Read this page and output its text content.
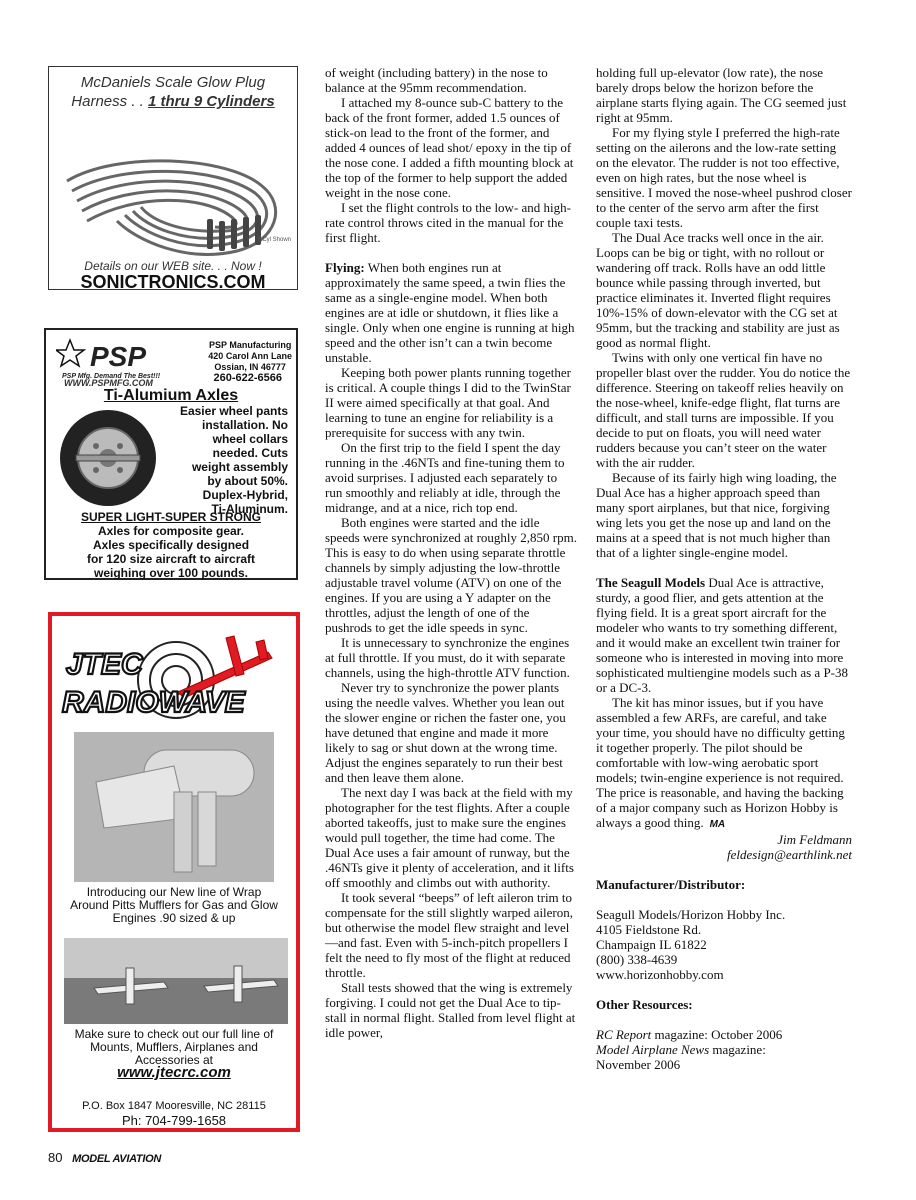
McDaniels Scale Glow Plug
Harness . . 1 thru 9 Cylinders
5 Cyl Shown
Details on our WEB site. . . Now !
SONICTRONICS.COM
PSP
PSP Mfg. Demand The Best!!!
PSP Manufacturing
420 Carol Ann Lane
Ossian, IN 46777
260-622-6566
WWW.PSPMFG.COM
Ti-Alumium Axles
Easier wheel pants
installation. No
wheel collars
needed. Cuts
weight assembly
by about 50%.
Duplex-Hybrid,
Ti-Aluminum.
SUPER LIGHT-SUPER STRONG
Axles for composite gear.
Axles specifically designed
for 120 size aircraft to aircraft
weighing over 100 pounds.
JTEC
RADIOWAVE
Introducing our New line of Wrap
Around Pitts Mufflers for Gas and Glow
Engines .90 sized & up
Make sure to check out our full line of
Mounts, Mufflers, Airplanes and
Accessories at
www.jtecrc.com
P.O. Box 1847 Mooresville, NC 28115
Ph: 704-799-1658

of weight (including battery) in the nose to balance at the 95mm recommendation.

I attached my 8-ounce sub-C battery to the back of the front former, added 1.5 ounces of stick-on lead to the front of the former, and added 4 ounces of lead shot/ epoxy in the tip of the nose cone. I added a fifth mounting block at the top of the former to help support the added weight in the nose cone.

I set the flight controls to the low- and high-rate control throws cited in the manual for the first flight.

Flying: When both engines run at approximately the same speed, a twin flies the same as a single-engine model. When both engines are at idle or shutdown, it flies like a single. Only when one engine is running at high speed and the other isn’t can a twin become unstable.

Keeping both power plants running together is critical. A couple things I did to the TwinStar II were aimed specifically at that goal. And learning to tune an engine for reliability is a prerequisite for success with any twin.

On the first trip to the field I spent the day running in the .46NTs and fine-tuning them to avoid surprises. I adjusted each separately to run smoothly and reliably at idle, through the midrange, and at a nice, rich top end.

Both engines were started and the idle speeds were synchronized at roughly 2,850 rpm. This is easy to do when using separate throttle channels by simply adjusting the low-throttle adjustable travel volume (ATV) on one of the engines. If you are using a Y adapter on the throttles, adjust the length of one of the pushrods to get the idle speeds in sync.

It is unnecessary to synchronize the engines at full throttle. If you must, do it with separate channels, using the high-throttle ATV function.

Never try to synchronize the power plants using the needle valves. Whether you lean out the slower engine or richen the faster one, you have detuned that engine and made it more likely to sag or shut down at the wrong time. Adjust the engines separately to run their best and then leave them alone.

The next day I was back at the field with my photographer for the test flights. After a couple aborted takeoffs, just to make sure the engines would pull together, the time had come. The Dual Ace uses a fair amount of runway, but the .46NTs give it plenty of acceleration, and it lifts off smoothly and climbs out with authority.

It took several “beeps” of left aileron trim to compensate for the still slightly warped aileron, but otherwise the model flew straight and level—and fast. Even with 5-inch-pitch propellers I felt the need to fly most of the flight at reduced throttle.

Stall tests showed that the wing is extremely forgiving. I could not get the Dual Ace to tip-stall in normal flight. Stalled from level flight at idle power,

holding full up-elevator (low rate), the nose barely drops below the horizon before the airplane starts flying again. The CG seemed just right at 95mm.

For my flying style I preferred the high-rate setting on the ailerons and the low-rate setting on the elevator. The rudder is not too effective, even on high rates, but the nose wheel is sensitive. I moved the nose-wheel pushrod closer to the center of the servo arm after the first couple taxi tests.

The Dual Ace tracks well once in the air. Loops can be big or tight, with no rollout or wandering off track. Rolls have an odd little bounce while passing through inverted, but practice eliminates it. Inverted flight requires 10%-15% of down-elevator with the CG set at 95mm, but the tracking and stability are just as good as normal flight.

Twins with only one vertical fin have no propeller blast over the rudder. You do notice the difference. Steering on takeoff relies heavily on the nose-wheel, knife-edge flight, flat turns are difficult, and stall turns are impossible. If you decide to put on floats, you will need water rudders because you can’t steer on the water with the air rudder.

Because of its fairly high wing loading, the Dual Ace has a higher approach speed than many sport airplanes, but that nice, forgiving wing lets you get the nose up and land on the mains at a speed that is not much higher than that of a lighter single-engine model.

The Seagull Models Dual Ace is attractive, sturdy, a good flier, and gets attention at the flying field. It is a great sport aircraft for the modeler who wants to try something different, and it would make an excellent twin trainer for someone who is interested in moving into more sophisticated multiengine models such as a P-38 or a DC-3.

The kit has minor issues, but if you have assembled a few ARFs, are careful, and take your time, you should have no difficulty getting it together properly. The pilot should be comfortable with low-wing aerobatic sport models; twin-engine experience is not required. The price is reasonable, and having the backing of a major company such as Horizon Hobby is always a good thing. MA

Jim Feldmann

feldesign@earthlink.net

Manufacturer/Distributor:

Seagull Models/Horizon Hobby Inc.

4105 Fieldstone Rd.

Champaign IL 61822

(800) 338-4639

www.horizonhobby.com

Other Resources:

RC Report magazine: October 2006

Model Airplane News magazine:

November 2006

80 MODEL AVIATION
